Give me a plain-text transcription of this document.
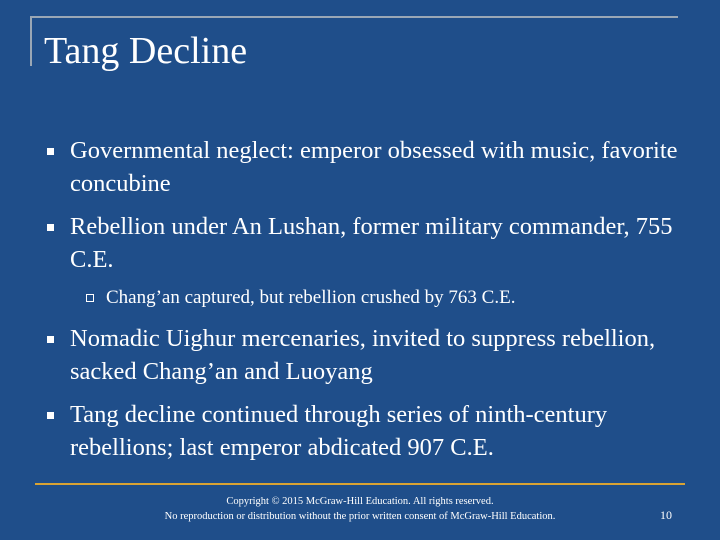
Tang Decline
Governmental neglect: emperor obsessed with music, favorite concubine
Rebellion under An Lushan, former military commander, 755 C.E.
Chang’an captured, but rebellion crushed by 763 C.E.
Nomadic Uighur mercenaries, invited to suppress rebellion, sacked Chang’an and Luoyang
Tang decline continued through series of ninth-century rebellions; last emperor abdicated 907 C.E.
Copyright © 2015 McGraw-Hill Education. All rights reserved.
No reproduction or distribution without the prior written consent of McGraw-Hill Education.	10
